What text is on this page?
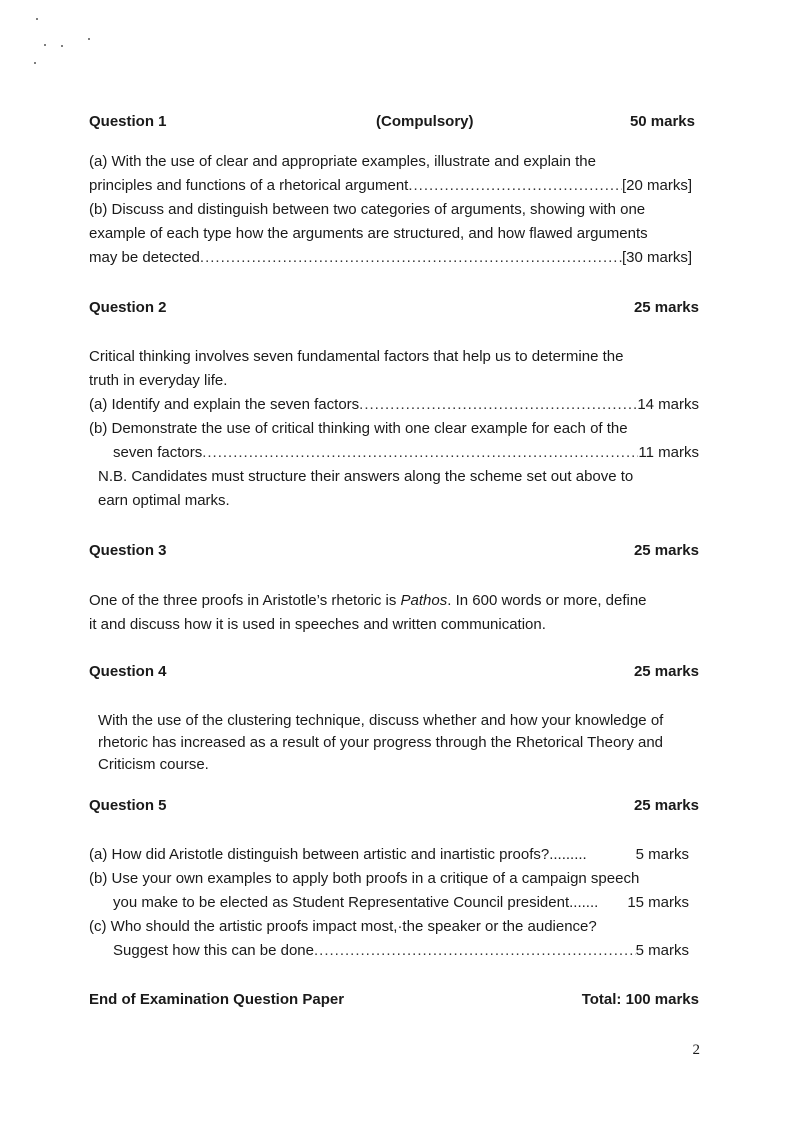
Question 1	(Compulsory)	50 marks
(a) With the use of clear and appropriate examples, illustrate and explain the
principles and functions of a rhetorical argument .....	[20 marks]
(b) Discuss and distinguish between two categories of arguments, showing with one
example of each type how the arguments are structured, and how flawed arguments
may be detected .....	[30 marks]
Question 2	25 marks
Critical thinking involves seven fundamental factors that help us to determine the
truth in everyday life.
(a) Identify and explain the seven factors .....	14 marks
(b) Demonstrate the use of critical thinking with one clear example for each of the
seven factors .....	11 marks
N.B. Candidates must structure their answers along the scheme set out above to
earn optimal marks.
Question 3	25 marks
One of the three proofs in Aristotle’s rhetoric is Pathos. In 600 words or more, define
it and discuss how it is used in speeches and written communication.
Question 4	25 marks
With the use of the clustering technique, discuss whether and how your knowledge of
rhetoric has increased as a result of your progress through the Rhetorical Theory and
Criticism course.
Question 5	25 marks
(a) How did Aristotle distinguish between artistic and inartistic proofs?.........	5 marks
(b) Use your own examples to apply both proofs in a critique of a campaign speech
you make to be elected as Student Representative Council president....... 15 marks
(c) Who should the artistic proofs impact most,·the speaker or the audience?
Suggest how this can be done .....	5 marks
End of Examination Question Paper	Total: 100 marks
2
